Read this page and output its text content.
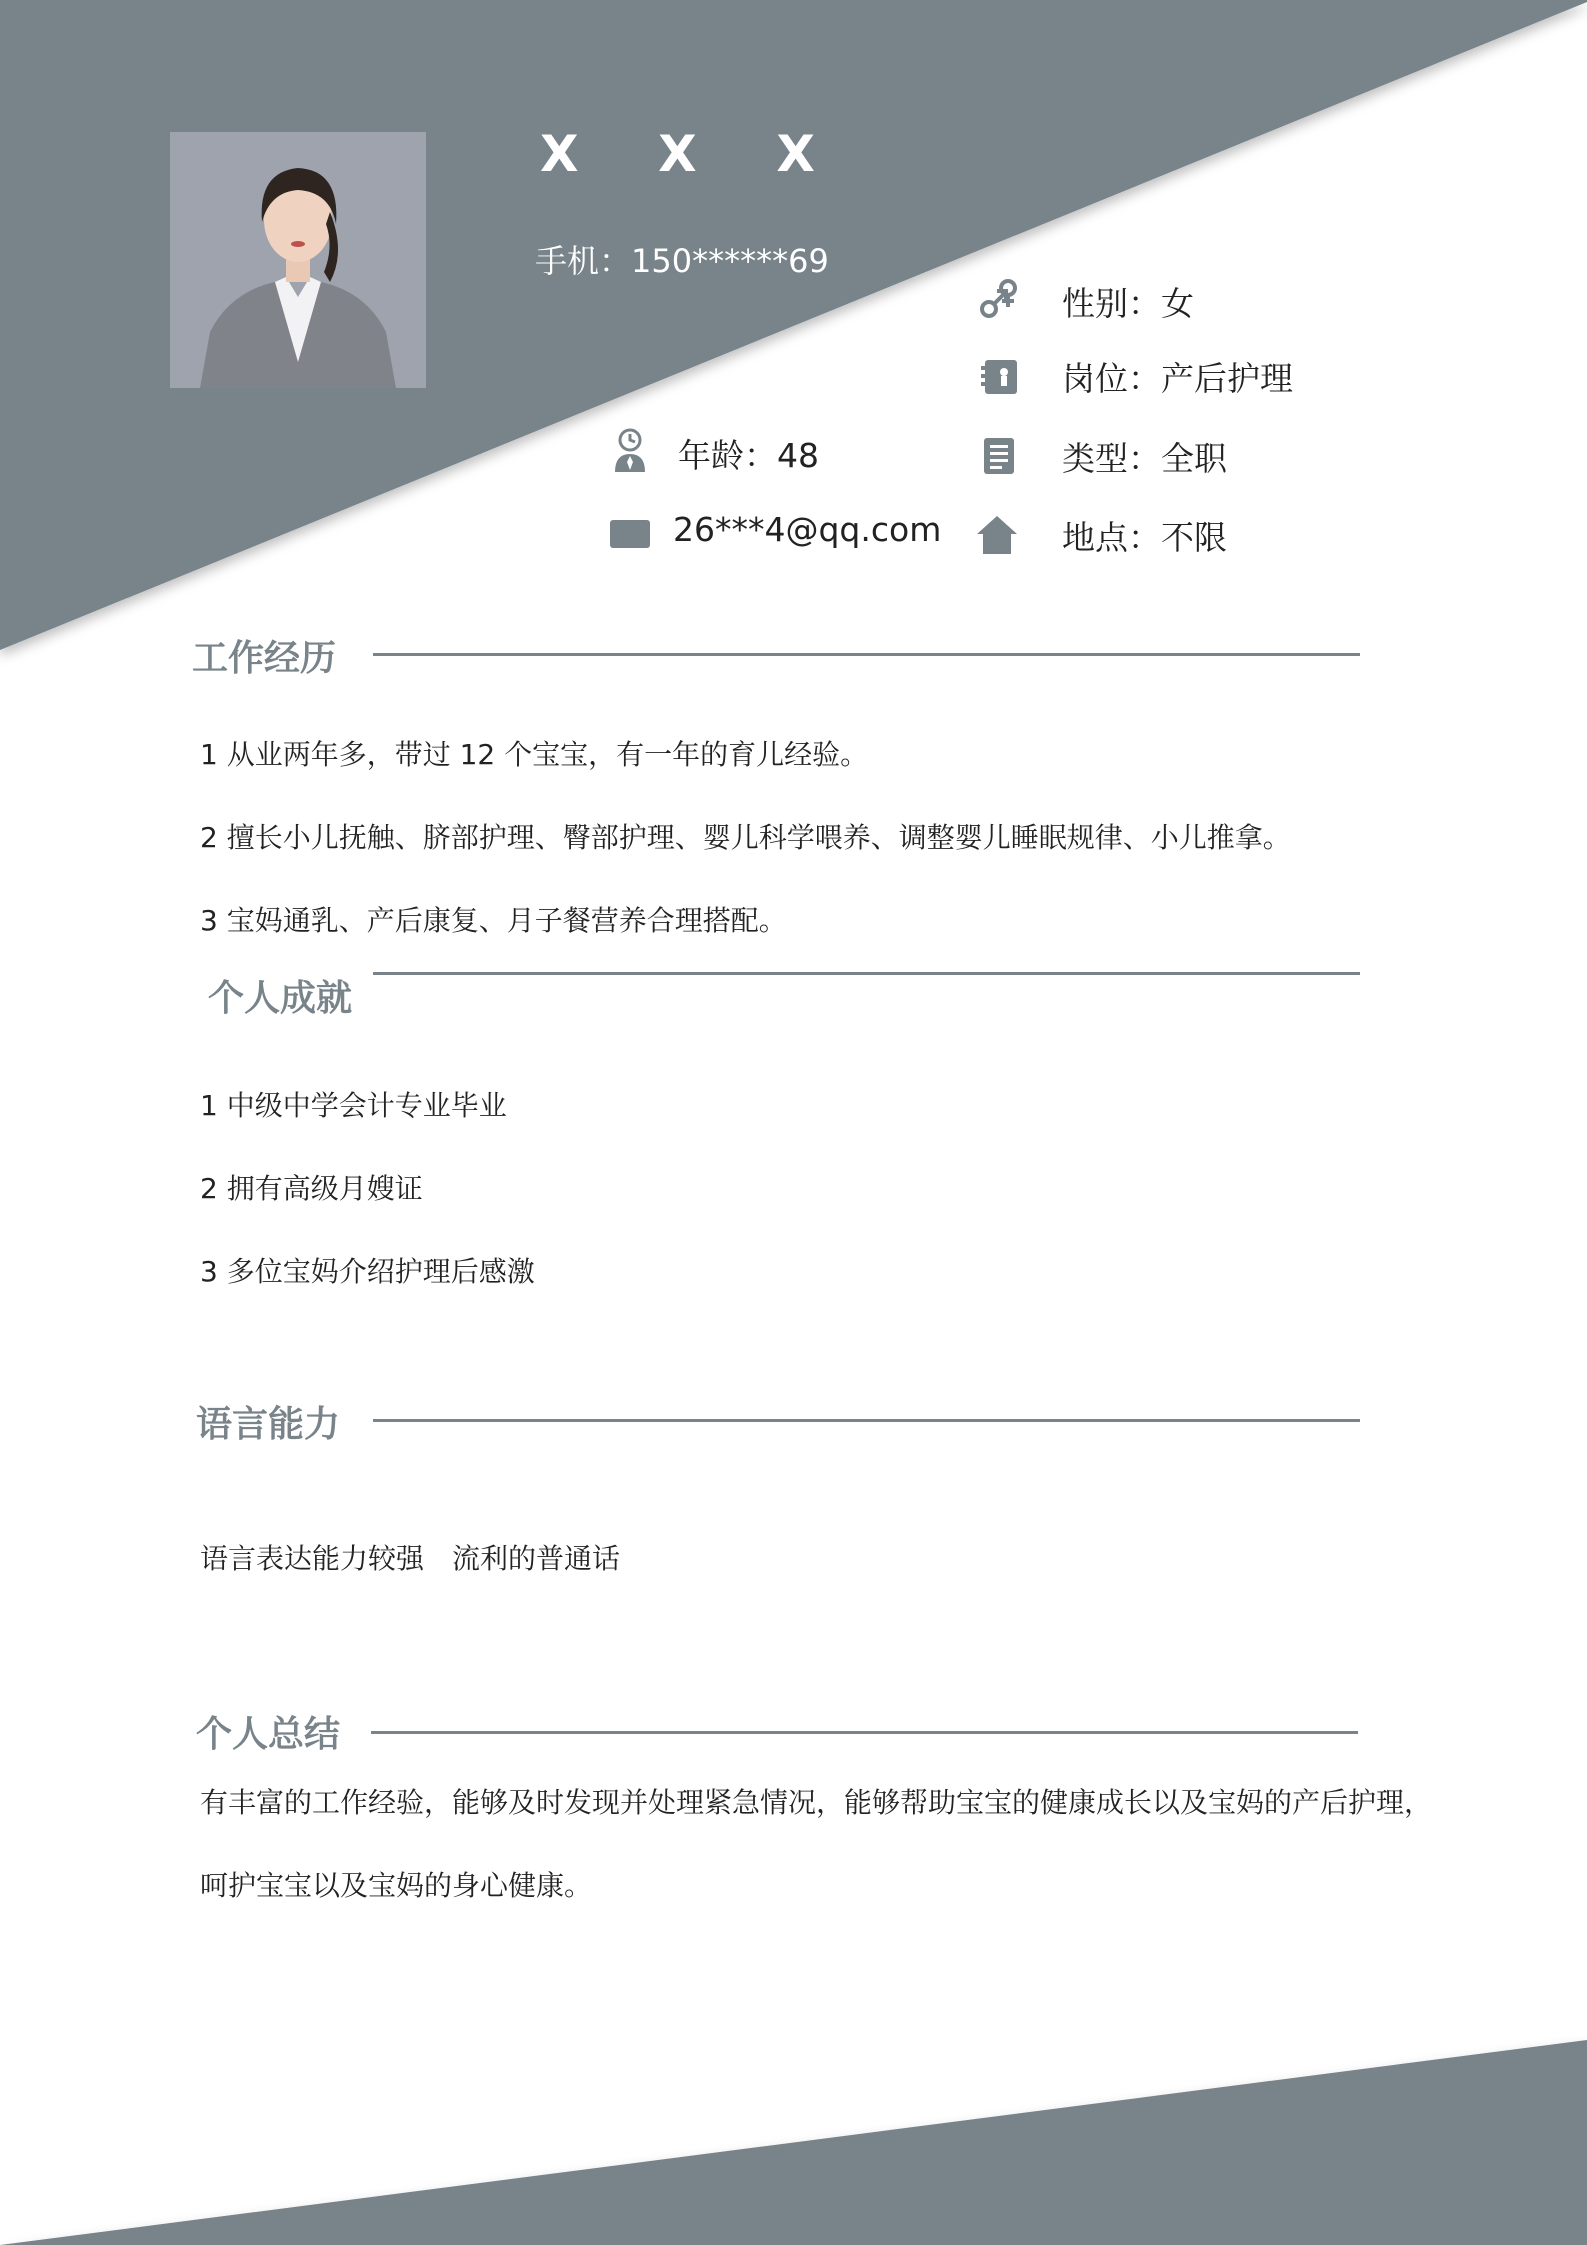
X    X    X
手机：150******69
性别：女
岗位：产后护理
年龄：48	类型：全职
26***4@qq.com	地点：不限
工作经历
1 从业两年多，带过 12 个宝宝，有一年的育儿经验。
2 擅长小儿抚触、脐部护理、臀部护理、婴儿科学喂养、调整婴儿睡眠规律、小儿推拿。
3 宝妈通乳、产后康复、月子餐营养合理搭配。
个人成就
1 中级中学会计专业毕业
2 拥有高级月嫂证
3 多位宝妈介绍护理后感激
语言能力
语言表达能力较强　流利的普通话
个人总结
有丰富的工作经验，能够及时发现并处理紧急情况，能够帮助宝宝的健康成长以及宝妈的产后护理，
呵护宝宝以及宝妈的身心健康。
